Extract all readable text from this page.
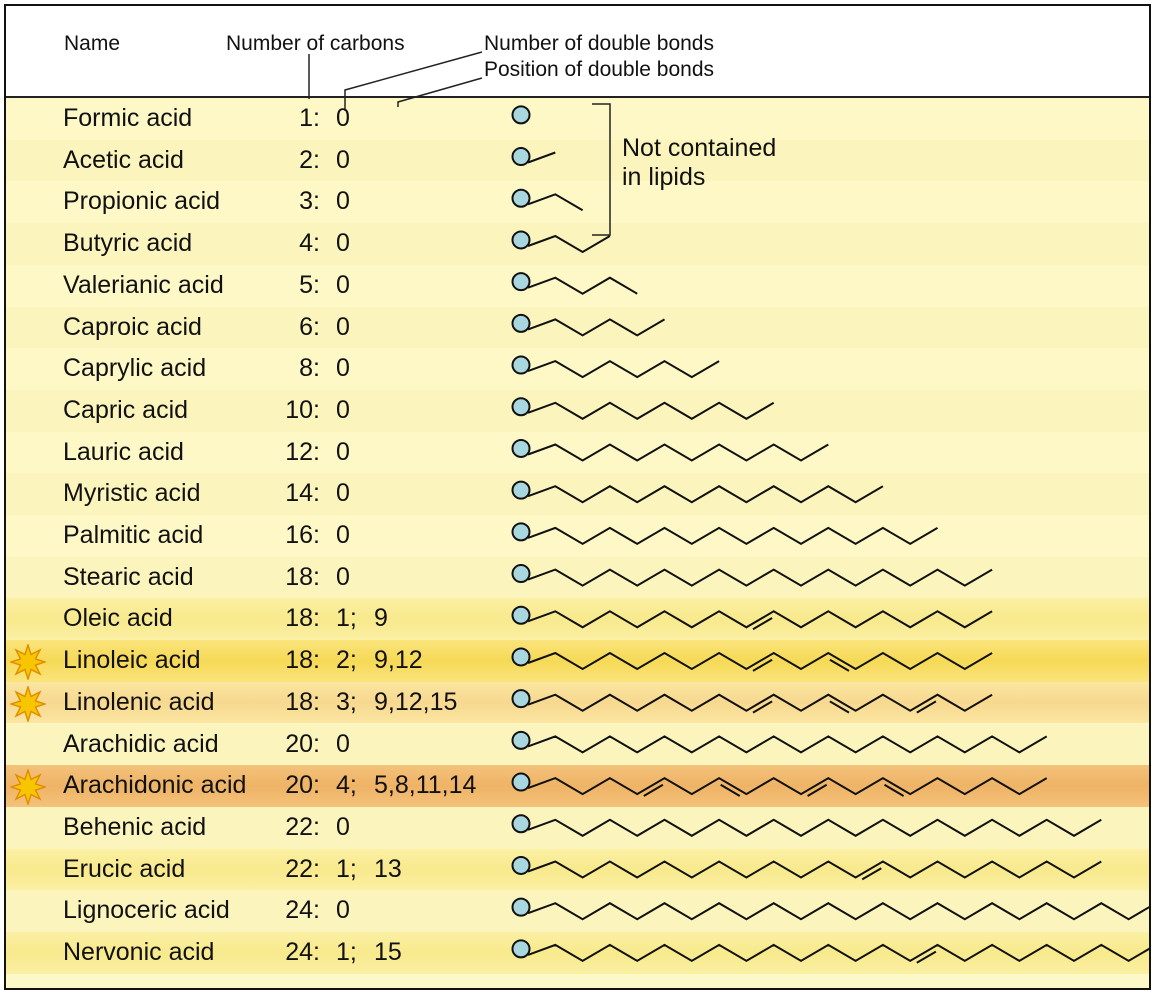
Name	Number of carbons	Number of double bonds
Position of double bonds
Formic acid	1: 0
Acetic acid	2: 0
Propionic acid	3: 0
Butyric acid	4: 0
Valerianic acid	5: 0
Caproic acid	6: 0
Caprylic acid	8: 0
Capric acid	10: 0
Lauric acid	12: 0
Myristic acid	14: 0
Palmitic acid	16: 0
Stearic acid	18: 0
Oleic acid	18: 1; 9
Linoleic acid	18: 2; 9,12
Linolenic acid	18: 3; 9,12,15
Arachidic acid	20: 0
Arachidonic acid	20: 4; 5,8,11,14
Behenic acid	22: 0
Erucic acid	22: 1; 13
Lignoceric acid	24: 0
Nervonic acid	24: 1; 15
Not contained
in lipids
